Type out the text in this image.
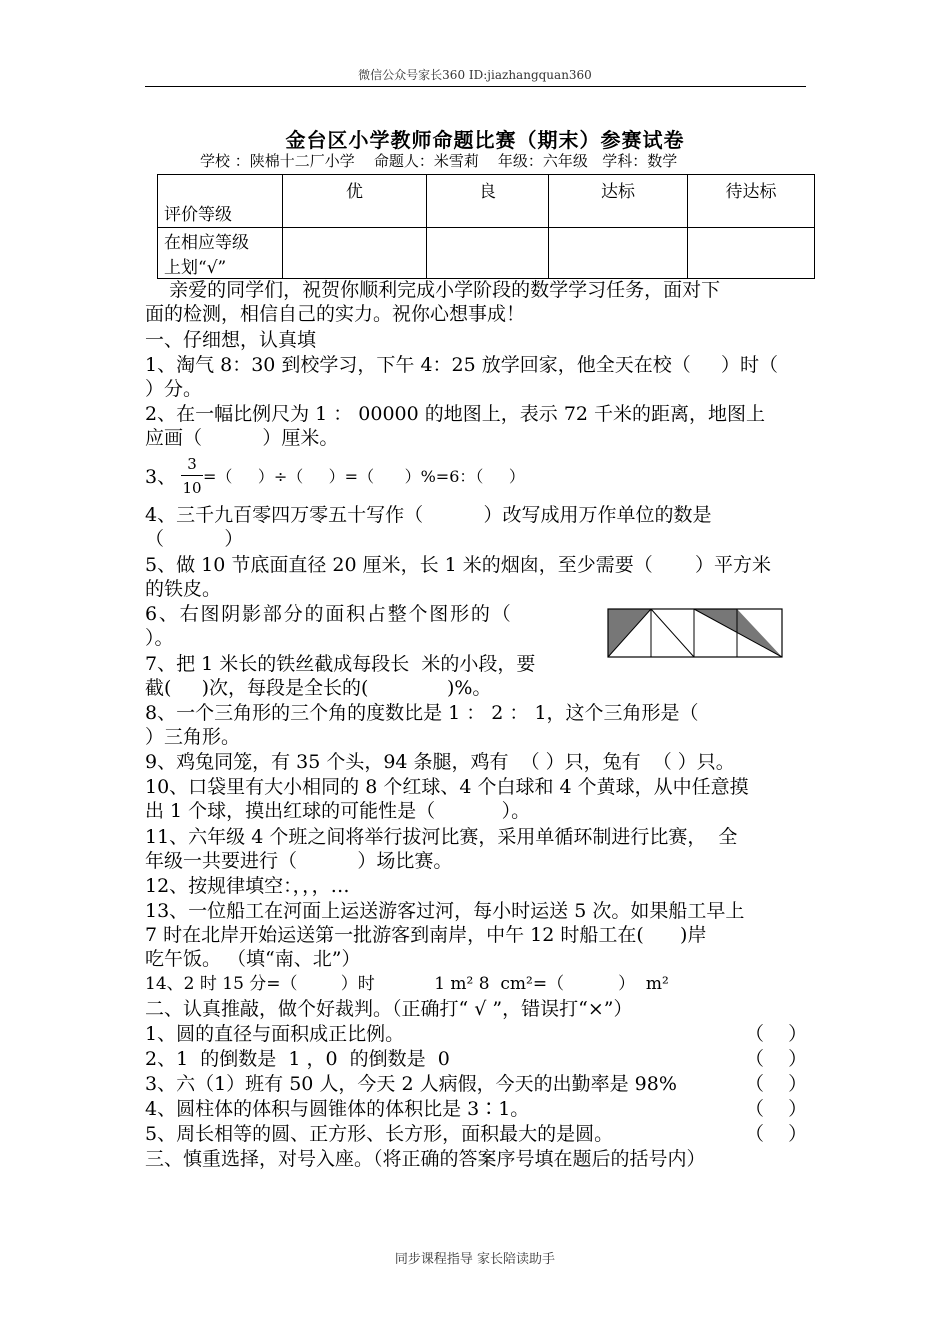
微信公众号家长360 ID:jiazhangquan360
金台区小学教师命题比赛（期末）参赛试卷
学校 ：陕棉十二厂小学    命题人：米雪莉    年级：六年级   学科：数学
评价等级	优	良	达标	待达标

在相应等级
上划“√”				

亲爱的同学们，祝贺你顺利完成小学阶段的数学学习任务，面对下
面的检测，相信自己的实力。祝你心想事成！
一、仔细想，认真填
1、淘气 8：30 到校学习，下午 4：25 放学回家，他全天在校（     ）时（
）分。
2、在一幅比例尺为 1 ： 00000 的地图上，表示 72 千米的距离，地图上
应画（          ）厘米。
3、
3
10
=（     ）÷（     ）=（      ）%=6：（     ）
4、三千九百零四万零五十写作（          ）改写成用万作单位的数是
（          ）
5、做 10 节底面直径 20 厘米，长 1 米的烟囱，至少需要（       ）平方米
的铁皮。
6、右图阴影部分的面积占整个图形的（
）。
7、把 1 米长的铁丝截成每段长  米的小段，要
截(     )次，每段是全长的(             )%。
8、一个三角形的三个角的度数比是 1 ： 2 ： 1，这个三角形是（
）三角形。
9、鸡兔同笼，有 35 个头，94 条腿，鸡有  （ ）只，兔有  （ ）只。
10、口袋里有大小相同的 8 个红球、4 个白球和 4 个黄球，从中任意摸
出 1 个球，摸出红球的可能性是（           ）。
11、六年级 4 个班之间将举行拔河比赛，采用单循环制进行比赛，  全
年级一共要进行（          ）场比赛。
12、按规律填空：，，，…
13、一位船工在河面上运送游客过河，每小时运送 5 次。如果船工早上
7 时在北岸开始运送第一批游客到南岸，中午 12 时船工在(      )岸
吃午饭。 （填“南、北”）
14、2 时 15 分=（        ）时           1 m² 8  cm²=（          ）  m²
二、认真推敲，做个好裁判。（正确打“ √ ”，错误打“×”）
1、圆的直径与面积成正比例。	（    ）
2、1  的倒数是  1 ，0  的倒数是  0	（    ）
3、六（1）班有 50 人，今天 2 人病假，今天的出勤率是 98%	（    ）
4、圆柱体的体积与圆锥体的体积比是 3∶1。	（    ）
5、周长相等的圆、正方形、长方形，面积最大的是圆。	（    ）
三、慎重选择，对号入座。（将正确的答案序号填在题后的括号内）
同步课程指导 家长陪读助手
